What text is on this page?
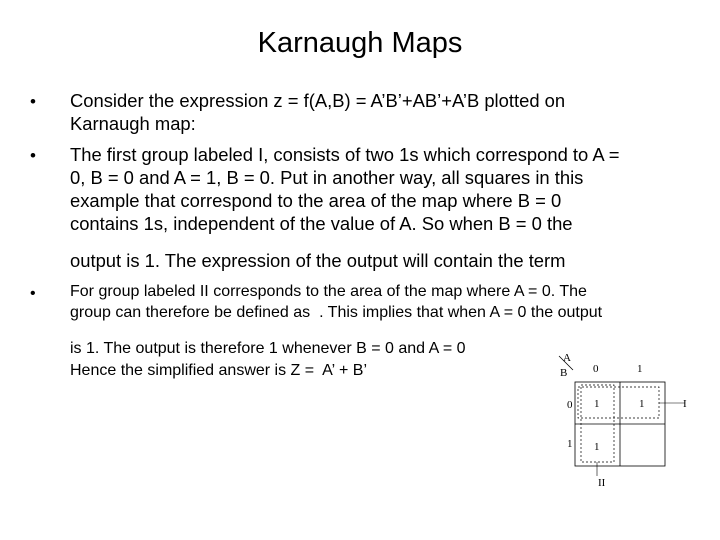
Karnaugh Maps
• Consider the expression z = f(A,B) = A’B’+AB’+A’B plotted on
Karnaugh map:
• The first group labeled I, consists of two 1s which correspond to A =
0, B = 0 and A = 1, B = 0. Put in another way, all squares in this
example that correspond to the area of the map where B = 0
contains 1s, independent of the value of A. So when B = 0 the
output is 1. The expression of the output will contain the term
• For group labeled II corresponds to the area of the map where A = 0. The
group can therefore be defined as  . This implies that when A = 0 the output
is 1. The output is therefore 1 whenever B = 0 and A = 0
Hence the simplified answer is Z =  A’ + B’
A
B 0	1
0
1
1	1
1
I
II
